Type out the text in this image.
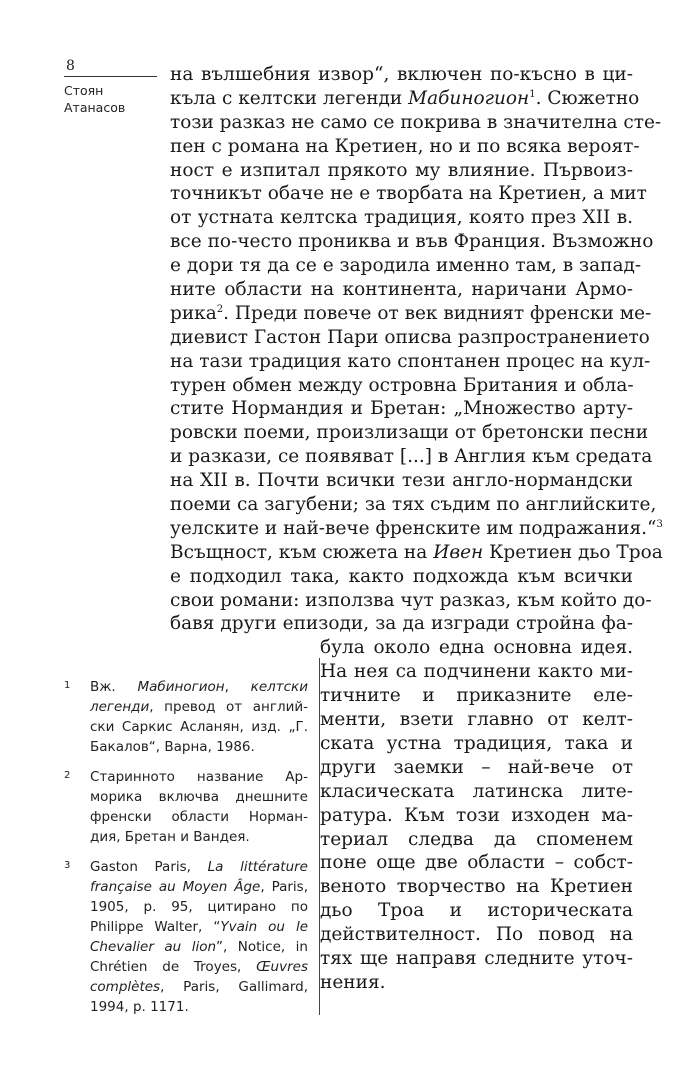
8
Стоян
Атанасов
на вълшебния извор“, включен по-късно в ци-
къла с келтски легенди Мабиногион$^1$. Сюжетно
този разказ не само се покрива в значителна сте-
пен с романа на Кретиен, но и по всяка вероят-
ност е изпитал прякото му влияние. Първоиз-
точникът обаче не е творбата на Кретиен, а мит
от устната келтска традиция, която през XII в.
все по-често прониква и във Франция. Възможно
е дори тя да се е зародила именно там, в запад-
ните области на континента, наричани Армо-
рика$^2$. Преди повече от век видният френски ме-
диевист Гастон Пари описва разпространението
на тази традиция като спонтанен процес на кул-
турен обмен между островна Британия и обла-
стите Нормандия и Бретан: „Множество арту-
ровски поеми, произлизащи от бретонски песни
и разкази, се появяват [...] в Англия към средата
на XII в. Почти всички тези англо-нормандски
поеми са загубени; за тях съдим по английските,
уелските и най-вече френските им подражания.“$^3$
Всъщност, към сюжета на Ивен Кретиен дьо Троа
е подходил така, както подхожда към всички
свои романи: използва чут разказ, към който до-
бавя други епизоди, за да изгради стройна фа-
була около една основна идея.
На нея са подчинени както ми-
тичните и приказните еле-
менти, взети главно от келт-
ската устна традиция, така и
други заемки – най-вече от
класическата латинска лите-
ратура. Към този изходен ма-
териал следва да споменем
поне още две области – собст-
веното творчество на Кретиен
дьо Троа и историческата
действителност. По повод на
тях ще направя следните уточ-
нения.
1 Вж. Мабиногион, келтски
легенди, превод от англий-
ски Саркис Асланян, изд. „Г.
Бакалов“, Варна, 1986.
2 Старинното название Ар-
морика включва днешните
френски области Норман-
дия, Бретан и Вандея.
3 Gaston Paris, La littérature
française au Moyen Âge, Paris,
1905, p. 95, цитирано по
Philippe Walter, “Yvain ou le
Chevalier au lion”, Notice, in
Chrétien de Troyes, Œuvres
complètes, Paris, Gallimard,
1994, p. 1171.
